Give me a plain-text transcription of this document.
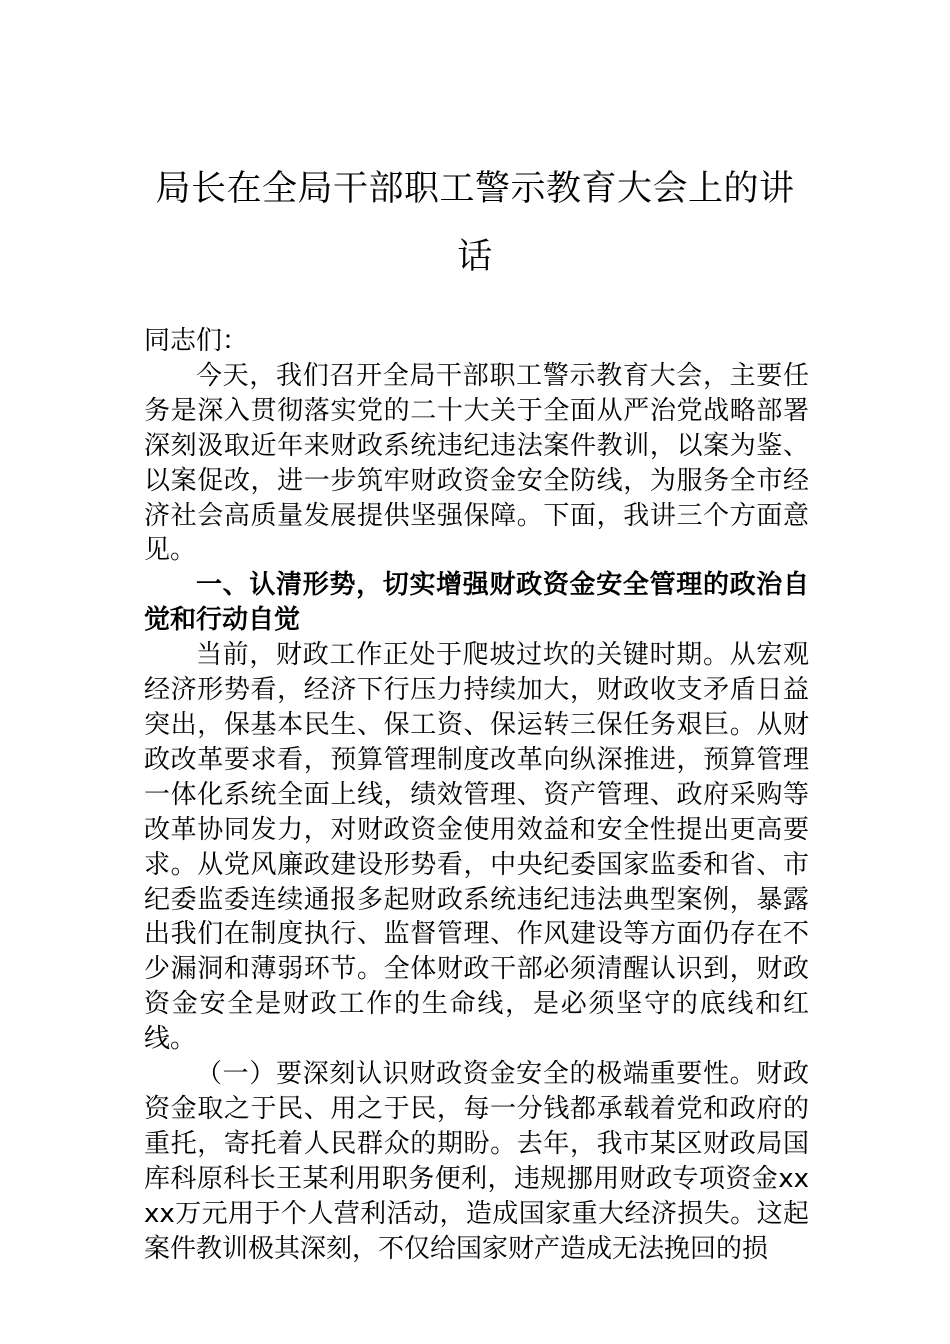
局长在全局干部职工警示教育大会上的讲
话

同志们：

今天，我们召开全局干部职工警示教育大会，主要任务是深入贯彻落实党的二十大关于全面从严治党战略部署深刻汲取近年来财政系统违纪违法案件教训，以案为鉴、以案促改，进一步筑牢财政资金安全防线，为服务全市经济社会高质量发展提供坚强保障。下面，我讲三个方面意见。

一、认清形势，切实增强财政资金安全管理的政治自觉和行动自觉

当前，财政工作正处于爬坡过坎的关键时期。从宏观经济形势看，经济下行压力持续加大，财政收支矛盾日益突出，保基本民生、保工资、保运转三保任务艰巨。从财政改革要求看，预算管理制度改革向纵深推进，预算管理一体化系统全面上线，绩效管理、资产管理、政府采购等改革协同发力，对财政资金使用效益和安全性提出更高要求。从党风廉政建设形势看，中央纪委国家监委和省、市纪委监委连续通报多起财政系统违纪违法典型案例，暴露出我们在制度执行、监督管理、作风建设等方面仍存在不少漏洞和薄弱环节。全体财政干部必须清醒认识到，财政资金安全是财政工作的生命线，是必须坚守的底线和红线。

（一）要深刻认识财政资金安全的极端重要性。财政资金取之于民、用之于民，每一分钱都承载着党和政府的重托，寄托着人民群众的期盼。去年，我市某区财政局国库科原科长王某利用职务便利，违规挪用财政专项资金xxxx万元用于个人营利活动，造成国家重大经济损失。这起案件教训极其深刻，不仅给国家财产造成无法挽回的损
